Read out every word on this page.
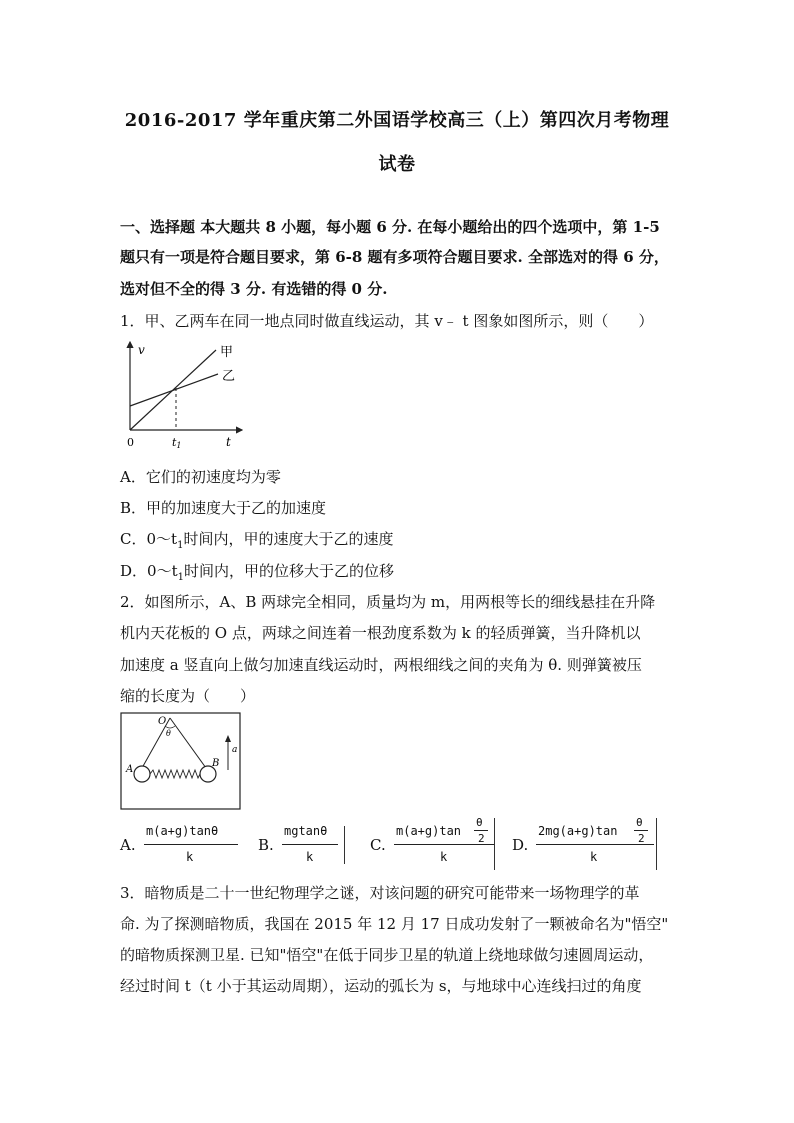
2016-2017 学年重庆第二外国语学校高三（上）第四次月考物理
试卷
一、选择题 本大题共 8 小题，每小题 6 分. 在每小题给出的四个选项中，第 1-5
题只有一项是符合题目要求，第 6-8 题有多项符合题目要求. 全部选对的得 6 分，
选对但不全的得 3 分. 有选错的得 0 分.
1．甲、乙两车在同一地点同时做直线运动，其 v﹣ t 图象如图所示，则（　　）
v
t
0	t1
甲
乙
A．它们的初速度均为零
B．甲的加速度大于乙的加速度
C．$0\sim t_1$时间内，甲的速度大于乙的速度
D．$0\sim t_1$时间内，甲的位移大于乙的位移
2．如图所示，A、B 两球完全相同，质量均为 m，用两根等长的细线悬挂在升降
机内天花板的 O 点，两球之间连着一根劲度系数为 k 的轻质弹簧，当升降机以
加速度 a 竖直向上做匀加速直线运动时，两根细线之间的夹角为 θ. 则弹簧被压
缩的长度为（　　）
O
θ
A
B
a
A.
m(a+g)tanθ
k
B.
mgtanθ
k
C.
m(a+g)tan
θ
2
k
D.
2mg(a+g)tan
θ
2
k
3．暗物质是二十一世纪物理学之谜，对该问题的研究可能带来一场物理学的革
命. 为了探测暗物质，我国在 2015 年 12 月 17 日成功发射了一颗被命名为"悟空"
的暗物质探测卫星. 已知"悟空"在低于同步卫星的轨道上绕地球做匀速圆周运动，
经过时间 t（t 小于其运动周期），运动的弧长为 s，与地球中心连线扫过的角度
